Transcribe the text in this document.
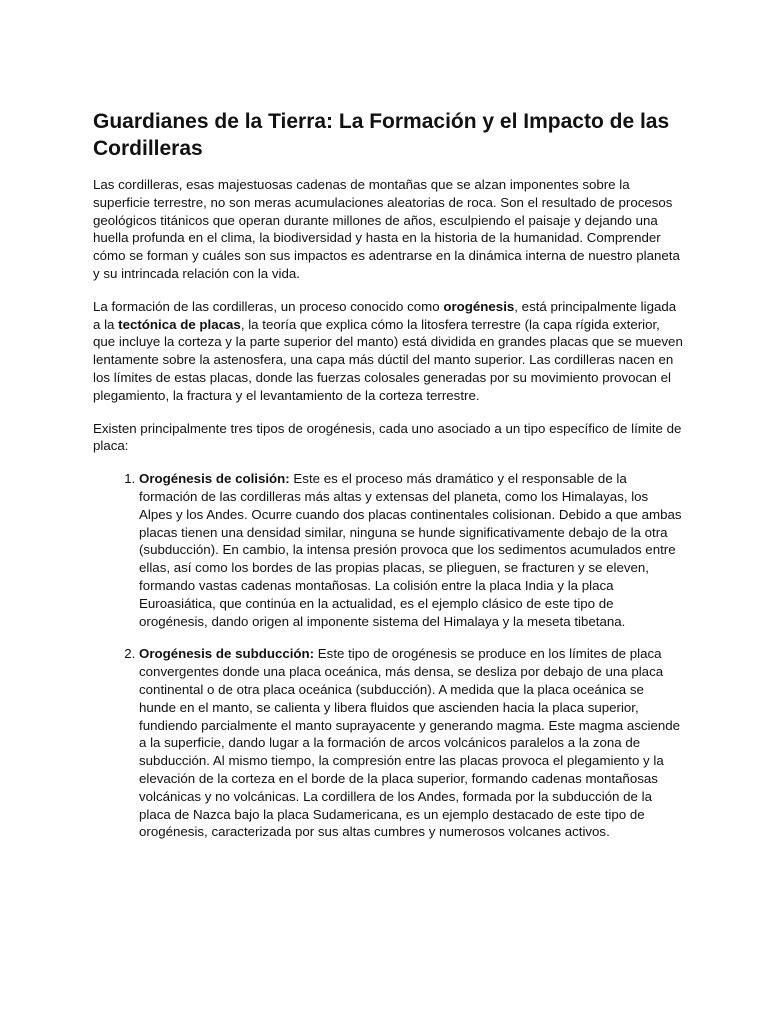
Guardianes de la Tierra: La Formación y el Impacto de las Cordilleras

Las cordilleras, esas majestuosas cadenas de montañas que se alzan imponentes sobre la superficie terrestre, no son meras acumulaciones aleatorias de roca. Son el resultado de procesos geológicos titánicos que operan durante millones de años, esculpiendo el paisaje y dejando una huella profunda en el clima, la biodiversidad y hasta en la historia de la humanidad. Comprender cómo se forman y cuáles son sus impactos es adentrarse en la dinámica interna de nuestro planeta y su intrincada relación con la vida.

La formación de las cordilleras, un proceso conocido como orogénesis, está principalmente ligada a la tectónica de placas, la teoría que explica cómo la litosfera terrestre (la capa rígida exterior, que incluye la corteza y la parte superior del manto) está dividida en grandes placas que se mueven lentamente sobre la astenosfera, una capa más dúctil del manto superior. Las cordilleras nacen en los límites de estas placas, donde las fuerzas colosales generadas por su movimiento provocan el plegamiento, la fractura y el levantamiento de la corteza terrestre.

Existen principalmente tres tipos de orogénesis, cada uno asociado a un tipo específico de límite de placa:

1. Orogénesis de colisión: Este es el proceso más dramático y el responsable de la formación de las cordilleras más altas y extensas del planeta, como los Himalayas, los Alpes y los Andes. Ocurre cuando dos placas continentales colisionan. Debido a que ambas placas tienen una densidad similar, ninguna se hunde significativamente debajo de la otra (subducción). En cambio, la intensa presión provoca que los sedimentos acumulados entre ellas, así como los bordes de las propias placas, se plieguen, se fracturen y se eleven, formando vastas cadenas montañosas. La colisión entre la placa India y la placa Euroasiática, que continúa en la actualidad, es el ejemplo clásico de este tipo de orogénesis, dando origen al imponente sistema del Himalaya y la meseta tibetana.
2. Orogénesis de subducción: Este tipo de orogénesis se produce en los límites de placa convergentes donde una placa oceánica, más densa, se desliza por debajo de una placa continental o de otra placa oceánica (subducción). A medida que la placa oceánica se hunde en el manto, se calienta y libera fluidos que ascienden hacia la placa superior, fundiendo parcialmente el manto suprayacente y generando magma. Este magma asciende a la superficie, dando lugar a la formación de arcos volcánicos paralelos a la zona de subducción. Al mismo tiempo, la compresión entre las placas provoca el plegamiento y la elevación de la corteza en el borde de la placa superior, formando cadenas montañosas volcánicas y no volcánicas. La cordillera de los Andes, formada por la subducción de la placa de Nazca bajo la placa Sudamericana, es un ejemplo destacado de este tipo de orogénesis, caracterizada por sus altas cumbres y numerosos volcanes activos.
